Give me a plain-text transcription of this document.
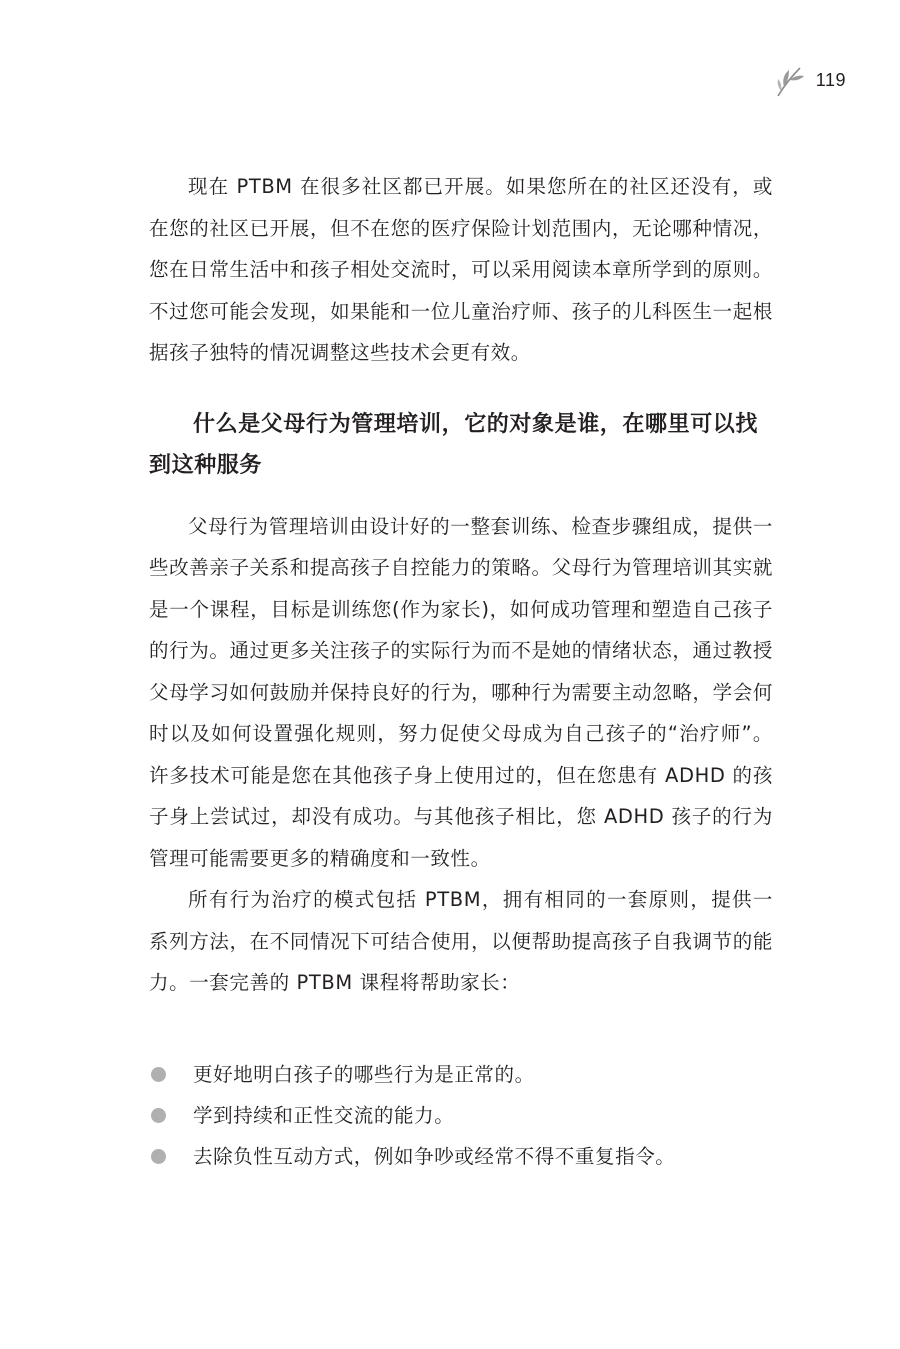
119

现在 PTBM 在很多社区都已开展。如果您所在的社区还没有，或在您的社区已开展，但不在您的医疗保险计划范围内，无论哪种情况，您在日常生活中和孩子相处交流时，可以采用阅读本章所学到的原则。不过您可能会发现，如果能和一位儿童治疗师、孩子的儿科医生一起根据孩子独特的情况调整这些技术会更有效。

什么是父母行为管理培训，它的对象是谁，在哪里可以找到这种服务

父母行为管理培训由设计好的一整套训练、检查步骤组成，提供一些改善亲子关系和提高孩子自控能力的策略。父母行为管理培训其实就是一个课程，目标是训练您(作为家长)，如何成功管理和塑造自己孩子的行为。通过更多关注孩子的实际行为而不是她的情绪状态，通过教授父母学习如何鼓励并保持良好的行为，哪种行为需要主动忽略，学会何时以及如何设置强化规则，努力促使父母成为自己孩子的“治疗师”。许多技术可能是您在其他孩子身上使用过的，但在您患有 ADHD 的孩子身上尝试过，却没有成功。与其他孩子相比，您 ADHD 孩子的行为管理可能需要更多的精确度和一致性。

所有行为治疗的模式包括 PTBM，拥有相同的一套原则，提供一系列方法，在不同情况下可结合使用，以便帮助提高孩子自我调节的能力。一套完善的 PTBM 课程将帮助家长：

更好地明白孩子的哪些行为是正常的。
学到持续和正性交流的能力。
去除负性互动方式，例如争吵或经常不得不重复指令。
